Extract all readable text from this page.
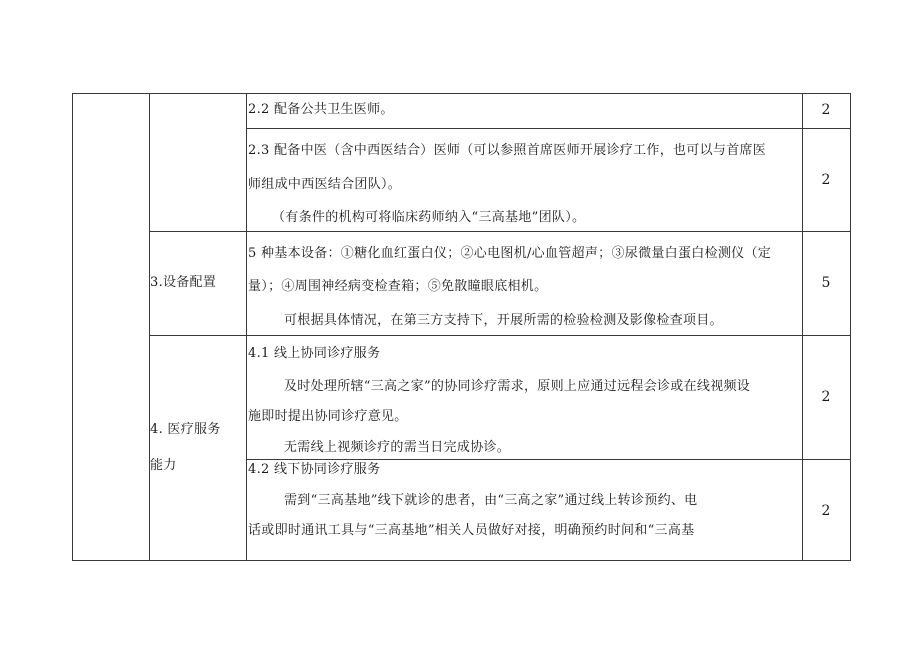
2.2 配备公共卫生医师。	2
2.3 配备中医（含中西医结合）医师（可以参照首席医师开展诊疗工作，也可以与首席医
师组成中西医结合团队）。
（有条件的机构可将临床药师纳入“三高基地”团队）。
2
3.设备配置
5 种基本设备：①糖化血红蛋白仪；②心电图机/心血管超声；③尿微量白蛋白检测仪（定
量）；④周围神经病变检查箱；⑤免散瞳眼底相机。
可根据具体情况，在第三方支持下，开展所需的检验检测及影像检查项目。
5
4. 医疗服务
能力
4.1 线上协同诊疗服务
及时处理所辖“三高之家”的协同诊疗需求，原则上应通过远程会诊或在线视频设
施即时提出协同诊疗意见。
无需线上视频诊疗的需当日完成协诊。
2
4.2 线下协同诊疗服务
需到“三高基地”线下就诊的患者，由“三高之家”通过线上转诊预约、电
话或即时通讯工具与“三高基地”相关人员做好对接，明确预约时间和“三高基
2
